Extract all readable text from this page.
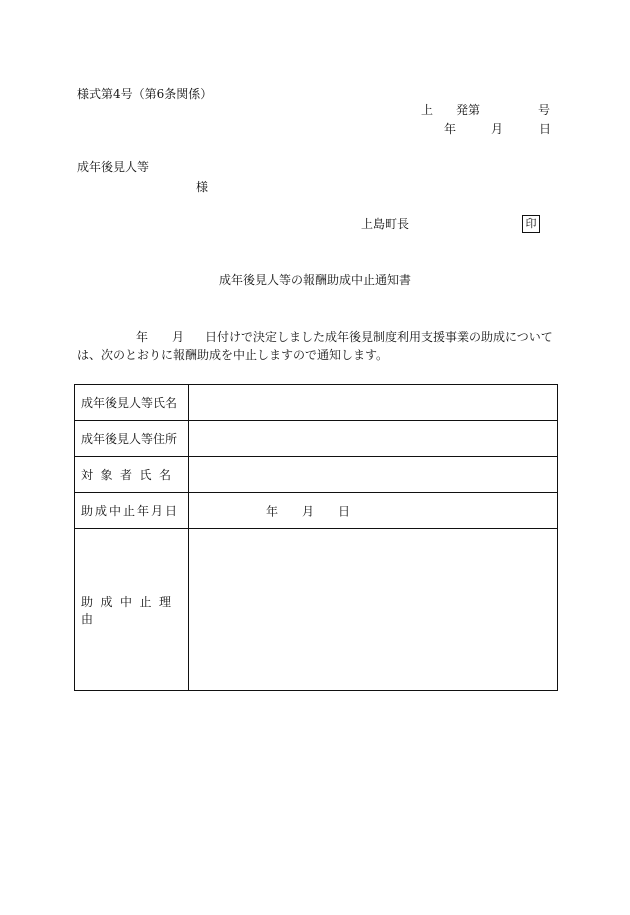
様式第4号（第6条関係）
上 発第	号
年	月	日
成年後見人等
様
上島町長	印
成年後見人等の報酬助成中止通知書
年 月 日付けで決定しました成年後見制度利用支援事業の助成について
は、次のとおりに報酬助成を中止しますので通知します。
成年後見人等氏名	
成年後見人等住所	
対象者氏名	
助成中止年月日	年 月 日

助成中止理由	
